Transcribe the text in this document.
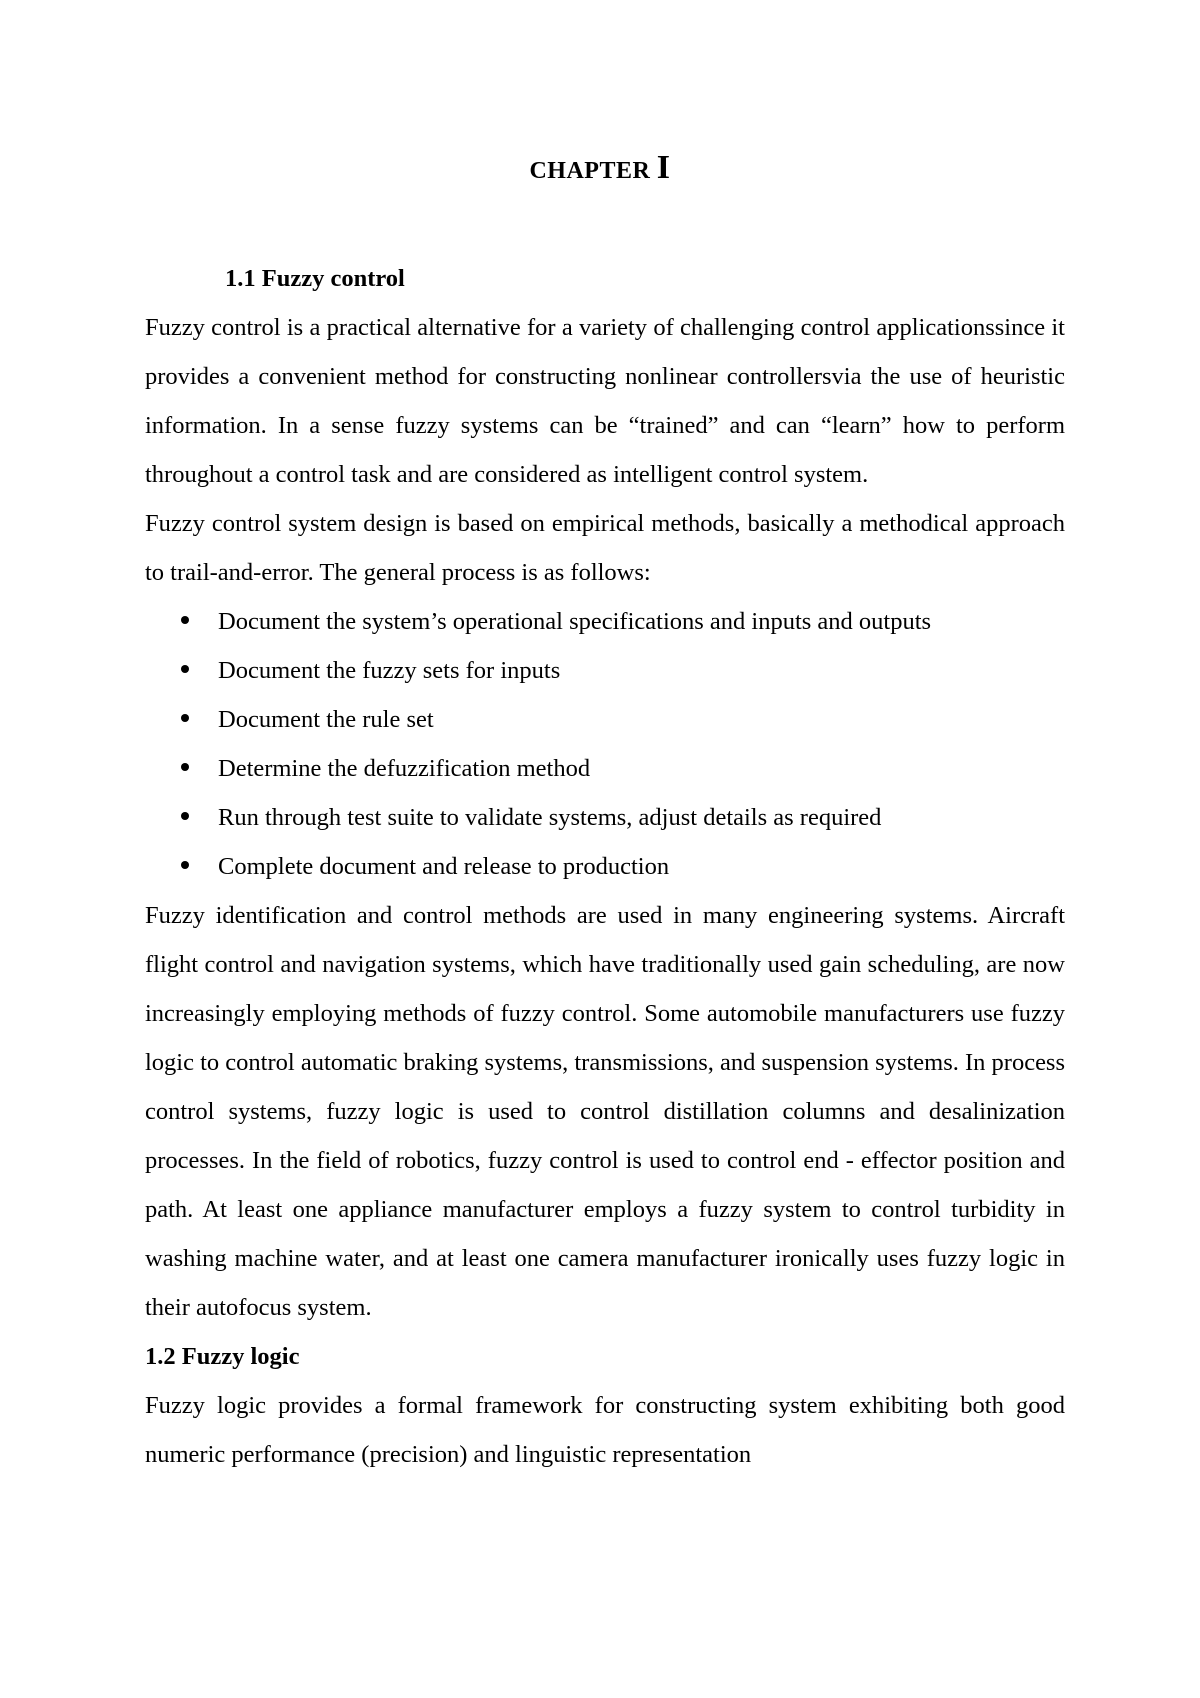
CHAPTER I
1.1 Fuzzy control

Fuzzy control is a practical alternative for a variety of challenging control applicationssince it provides a convenient method for constructing nonlinear controllersvia the use of heuristic information. In a sense fuzzy systems can be “trained” and can “learn” how to perform throughout a control task and are considered as intelligent control system.

Fuzzy control system design is based on empirical methods, basically a methodical approach to trail-and-error. The general process is as follows:

Document the system’s operational specifications and inputs and outputs
Document the fuzzy sets for inputs
Document the rule set
Determine the defuzzification method
Run through test suite to validate systems, adjust details as required
Complete document and release to production

Fuzzy identification and control methods are used in many engineering systems. Aircraft flight control and navigation systems, which have traditionally used gain scheduling, are now increasingly employing methods of fuzzy control. Some automobile manufacturers use fuzzy logic to control automatic braking systems, transmissions, and suspension systems. In process control systems, fuzzy logic is used to control distillation columns and desalinization processes. In the field of robotics, fuzzy control is used to control end - effector position and path. At least one appliance manufacturer employs a fuzzy system to control turbidity in washing machine water, and at least one camera manufacturer ironically uses fuzzy logic in their autofocus system.

1.2 Fuzzy logic

Fuzzy logic provides a formal framework for constructing system exhibiting both good numeric performance (precision) and linguistic representation
